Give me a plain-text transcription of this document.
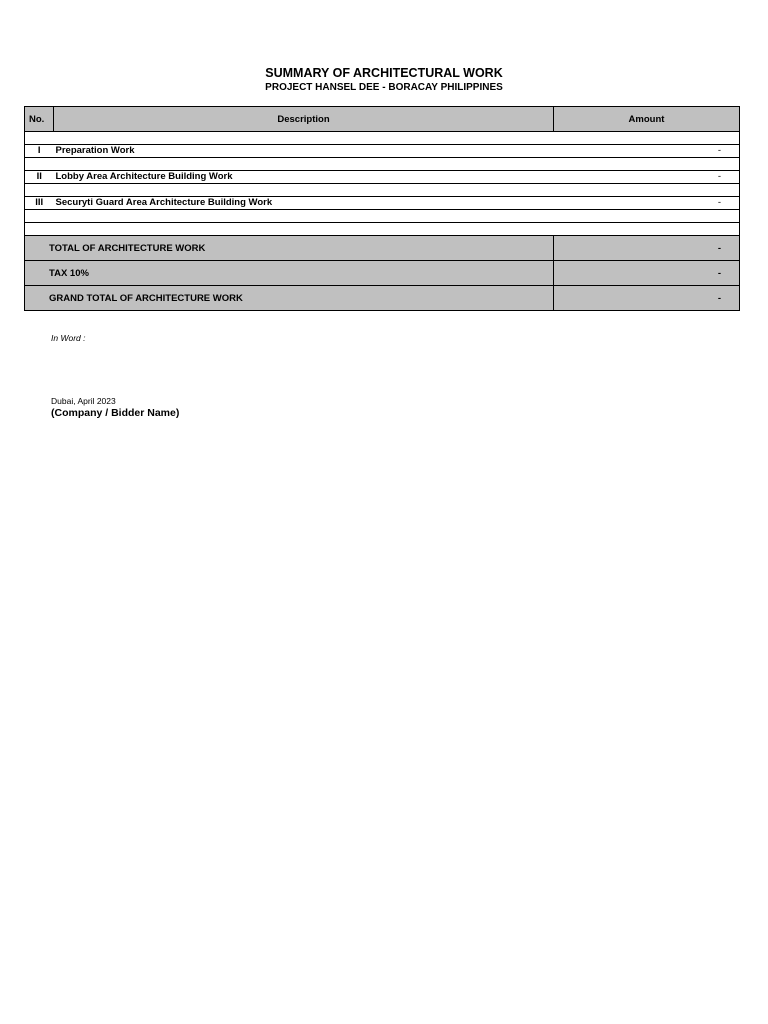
SUMMARY OF ARCHITECTURAL WORK
PROJECT HANSEL DEE - BORACAY PHILIPPINES
No.	Description	Amount

I	Preparation Work	-

II	Lobby Area Architecture Building Work	-

III	Securyti Guard Area Architecture Building Work	-

TOTAL OF ARCHITECTURE WORK		-
TAX 10%		-
GRAND TOTAL OF ARCHITECTURE WORK		-
In Word :
Dubai, April 2023
(Company / Bidder Name)
